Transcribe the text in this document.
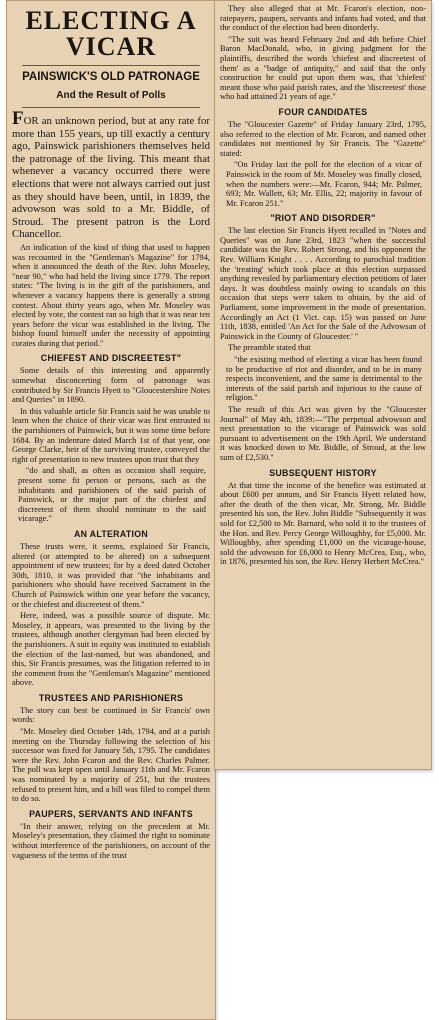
ELECTING A VICAR
PAINSWICK'S OLD PATRONAGE
And the Result of Polls

FOR an unknown period, but at any rate for more than 155 years, up till exactly a century ago, Painswick parishioners themselves held the patronage of the living. This meant that whenever a vacancy occurred there were elections that were not always carried out just as they should have been, until, in 1839, the advowson was sold to a Mr. Biddle, of Stroud. The present patron is the Lord Chancellor.

An indication of the kind of thing that used to happen was recounted in the "Gentleman's Magazine" for 1794, when it announced the death of the Rev. John Moseley, "near 90," who had held the living since 1779. The report states: "The living is in the gift of the parishioners, and whenever a vacancy happens there is generally a strong contest. About thirty years ago, when Mr. Moseley was elected by vote, the contest ran so high that it was near ten years before the vicar was established in the living. The bishop found himself under the necessity of appointing curates during that period."

CHIEFEST AND DISCREETEST"

Some details of this interesting and apparently somewhat disconcerting form of patronage was contributed by Sir Francis Hyett to "Gloucestershire Notes and Queries" in 1890.

In this valuable article Sir Francis said he was unable to learn when the choice of their vicar was first entrusted to the parishioners of Painswick, but it was some time before 1684. By an indenture dated March 1st of that year, one George Clarke, heir of the surviving trustee, conveyed the right of presentation to new trustees upon trust that they

"do and shall, as often as occasion shall require, present some fit person or persons, such as the inhabitants and parishioners of the said parish of Painswick, or the major part of the chiefest and discreetest of them should nominate to the said vicarage."

AN ALTERATION

These trusts were, it seems, explained Sir Francis, altered (or attempted to be altered) on a subsequent appointment of new trustees; for by a deed dated October 30th, 1810, it was provided that "the inhabitants and parishioners who should have received Sacrament in the Church of Painswick within one year before the vacancy, or the chiefest and discreetest of them."

Here, indeed, was a possible source of dispute. Mr. Moseley, it appears, was presented to the living by the trustees, although another clergyman had been elected by the parishioners. A suit in equity was instituted to establish the election of the last-named, but was abandoned, and this, Sir Francis presumes, was the litigation referred to in the comment from the "Gentleman's Magazine" mentioned above.

TRUSTEES AND PARISHIONERS

The story can best be continued in Sir Francis' own words:

"Mr. Moseley died October 14th, 1794, and at a parish meeting on the Thursday following the selection of his successor was fixed for January 5th, 1795. The candidates were the Rev. John Fcaron and the Rev. Charles Palmer. The poll was kept open until January 11th and Mr. Fcaron was nominated by a majority of 251, but the trustees refused to present him, and a bill was filed to compel them to do so.

PAUPERS, SERVANTS AND INFANTS

"In their answer, relying on the precedent at Mr. Moseley's presentation, they claimed the right to nominate without interference of the parishioners, on account of the vagueness of the terms of the trust

They also alleged that at Mr. Fcaron's election, non-ratepayers, paupers, servants and infants had voted, and that the conduct of the election had been disorderly.

"The suit was heard February 2nd and 4th before Chief Baron MacDonald, who, in giving judgment for the plaintiffs, described the words 'chiefest and discreetest of them' as a "badge of antiquity," and said that the only construction he could put upon them was, that 'chiefest' meant those who paid parish rates, and the 'discreetest' those who had attained 21 years of age."

FOUR CANDIDATES

The "Gloucester Gazette" of Friday January 23rd, 1795, also referred to the election of Mr. Fcaron, and named other candidates not mentioned by Sir Francis. The "Gazette" stated:

"On Friday last the poll for the election of a vicar of Painswick in the room of Mr. Moseley was finally closed, when the numbers were:—Mr. Fcaron, 944; Mr. Palmer, 693; Mr. Wallett, 63; Mr. Ellis, 22; majority in favour of Mr. Fcaron 251."

"RIOT AND DISORDER"

The last election Sir Francis Hyett recalled in "Notes and Queries" was on June 23rd, 1823 "when the successful candidate was the Rev. Robert Strong, and his opponent the Rev. William Knight . . . . According to parochial tradition the 'treating' which took place at this election surpassed anything revealed by parliamentary election petitions of later days. It was doubtless mainly owing to scandals on this occasion that steps were taken to obtain, by the aid of Parliament, some improvement in the mode of presentation. Accordingly an Act (1 Vict. cap. 15) was passed on June 11th, 1838, entitled 'An Act for the Sale of the Advowsan of Painswick in the County of Gloucester.' "

The preamble stated that

"the existing method of electing a vicar has been found to be productive of riot and disorder, and to be in many respects inconvenient, and the same is detrimental to the interests of the said parish and injurious to the cause of religion."

The result of this Act was given by the "Gloucester Journal" of May 4th, 1839:—"The perpetual advowson and next presentation to the vicarage of Painswick was sold pursuant to advertisement on the 19th April. We understand it was knocked down to Mr. Biddle, of Stroud, at the low sum of £2,530."

SUBSEQUENT HISTORY

At that time the income of the benefice was estimated at about £600 per annum, and Sir Francis Hyett related how, after the death of the then vicar, Mr. Strong, Mr. Biddle presented his son, the Rev. John Biddle "Subsequently it was sold for £2,500 to Mr. Barnard, who sold it to the trustees of the Hon. and Rev. Percy George Willoughby, for £5,000. Mr. Willoughby, after spending £1,000 on the vicarage-house, sold the advowson for £6,000 to Henry McCrea, Esq., who, in 1876, presented his son, the Rev. Henry Herbert McCrea."
